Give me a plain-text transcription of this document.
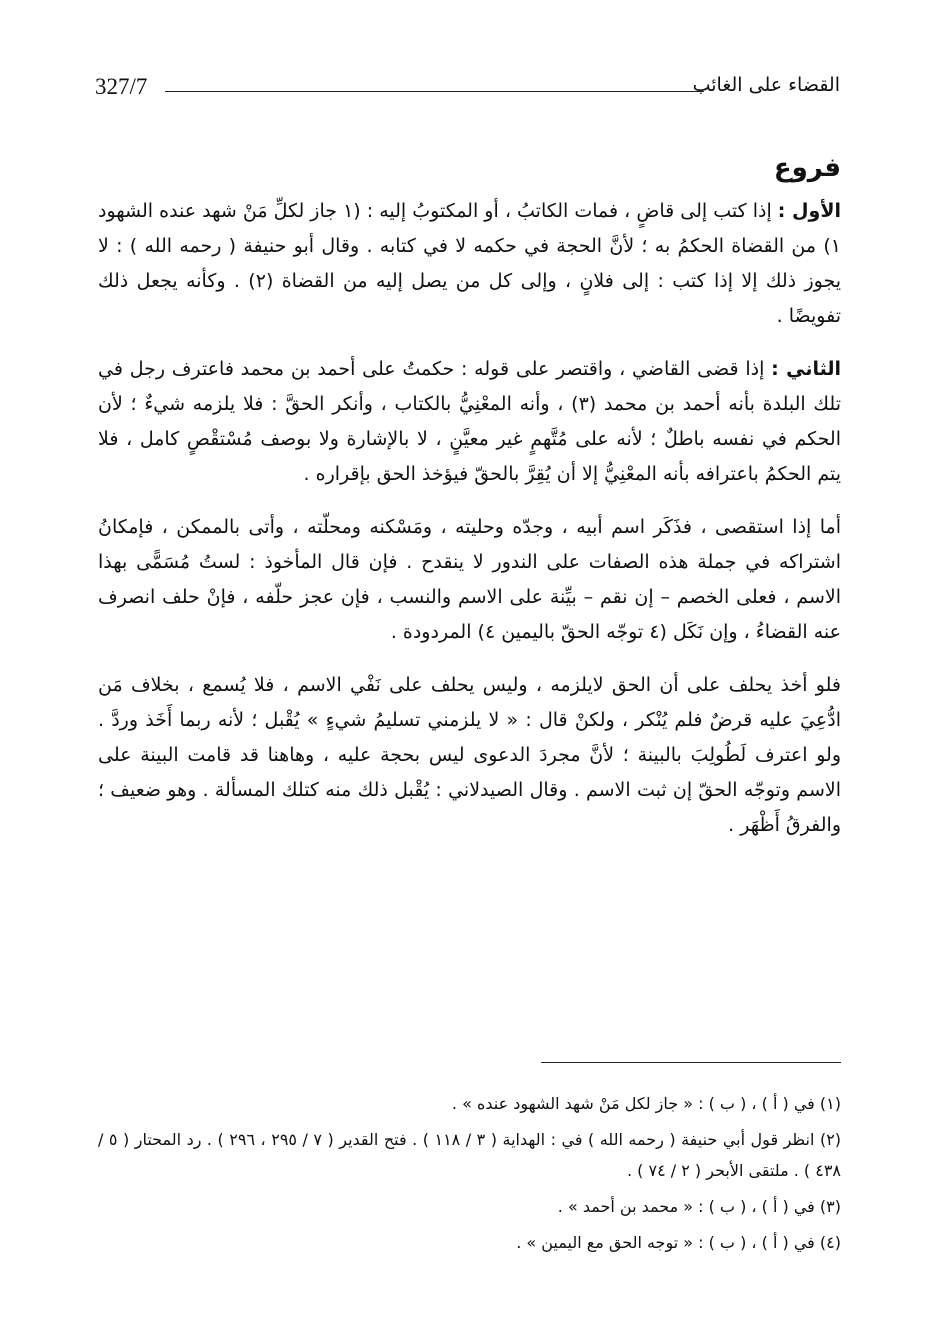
327/7	القضاء على الغائب
فروع

الأول : إذا كتب إلى قاضٍ ، فمات الكاتبُ ، أو المكتوبُ إليه : (١ جاز لكلِّ مَنْ شهد عنده الشهود ١) من القضاة الحكمُ به ؛ لأنَّ الحجة في حكمه لا في كتابه . وقال أبو حنيفة ( رحمه الله ) : لا يجوز ذلك إلا إذا كتب : إلى فلانٍ ، وإلى كل من يصل إليه من القضاة (٢) . وكأنه يجعل ذلك تفويضًا .

الثاني : إذا قضى القاضي ، واقتصر على قوله : حكمتُ على أحمد بن محمد فاعترف رجل في تلك البلدة بأنه أحمد بن محمد (٣) ، وأنه المعْنِيُّ بالكتاب ، وأنكر الحقَّ : فلا يلزمه شيءٌ ؛ لأن الحكم في نفسه باطلٌ ؛ لأنه على مُتَّهمٍ غير معيَّنٍ ، لا بالإشارة ولا بوصف مُسْتقْصٍ كامل ، فلا يتم الحكمُ باعترافه بأنه المعْنِيُّ إلا أن يُقِرَّ بالحقّ فيؤخذ الحق بإقراره .

أما إذا استقصى ، فذَكَر اسم أبيه ، وجدّه وحليته ، ومَسْكنه ومحلّته ، وأتى بالممكن ، فإمكانُ اشتراكه في جملة هذه الصفات على الندور لا ينقدح . فإن قال المأخوذ : لستُ مُسَمًّى بهذا الاسم ، فعلى الخصم – إن نقم – بيِّنة على الاسم والنسب ، فإن عجز حلّفه ، فإنْ حلف انصرف عنه القضاءُ ، وإن نَكَل (٤ توجّه الحقّ باليمين ٤) المردودة .

فلو أخذ يحلف على أن الحق لايلزمه ، وليس يحلف على نَفْي الاسم ، فلا يُسمع ، بخلاف مَن ادُّعِيَ عليه قرضٌ فلم يُنْكر ، ولكنْ قال : « لا يلزمني تسليمُ شيءٍ » يُقْبل ؛ لأنه ربما أَخَذ وردَّ . ولو اعترف لَطُولِبَ بالبينة ؛ لأنَّ مجردَ الدعوى ليس بحجة عليه ، وهاهنا قد قامت البينة على الاسم وتوجّه الحقّ إن ثبت الاسم . وقال الصيدلاني : يُقْبل ذلك منه كتلك المسألة . وهو ضعيف ؛ والفرقُ أَظْهَر .

(١) في ( أ ) ، ( ب ) : « جاز لكل مَنْ شهد الشهود عنده » .

(٢) انظر قول أبي حنيفة ( رحمه الله ) في : الهداية ( ٣ / ١١٨ ) . فتح القدير ( ٧ / ٢٩٥ ، ٢٩٦ ) . رد المحتار ( ٥ / ٤٣٨ ) . ملتقى الأبحر ( ٢ / ٧٤ ) .

(٣) في ( أ ) ، ( ب ) : « محمد بن أحمد » .

(٤) في ( أ ) ، ( ب ) : « توجه الحق مع اليمين » .
